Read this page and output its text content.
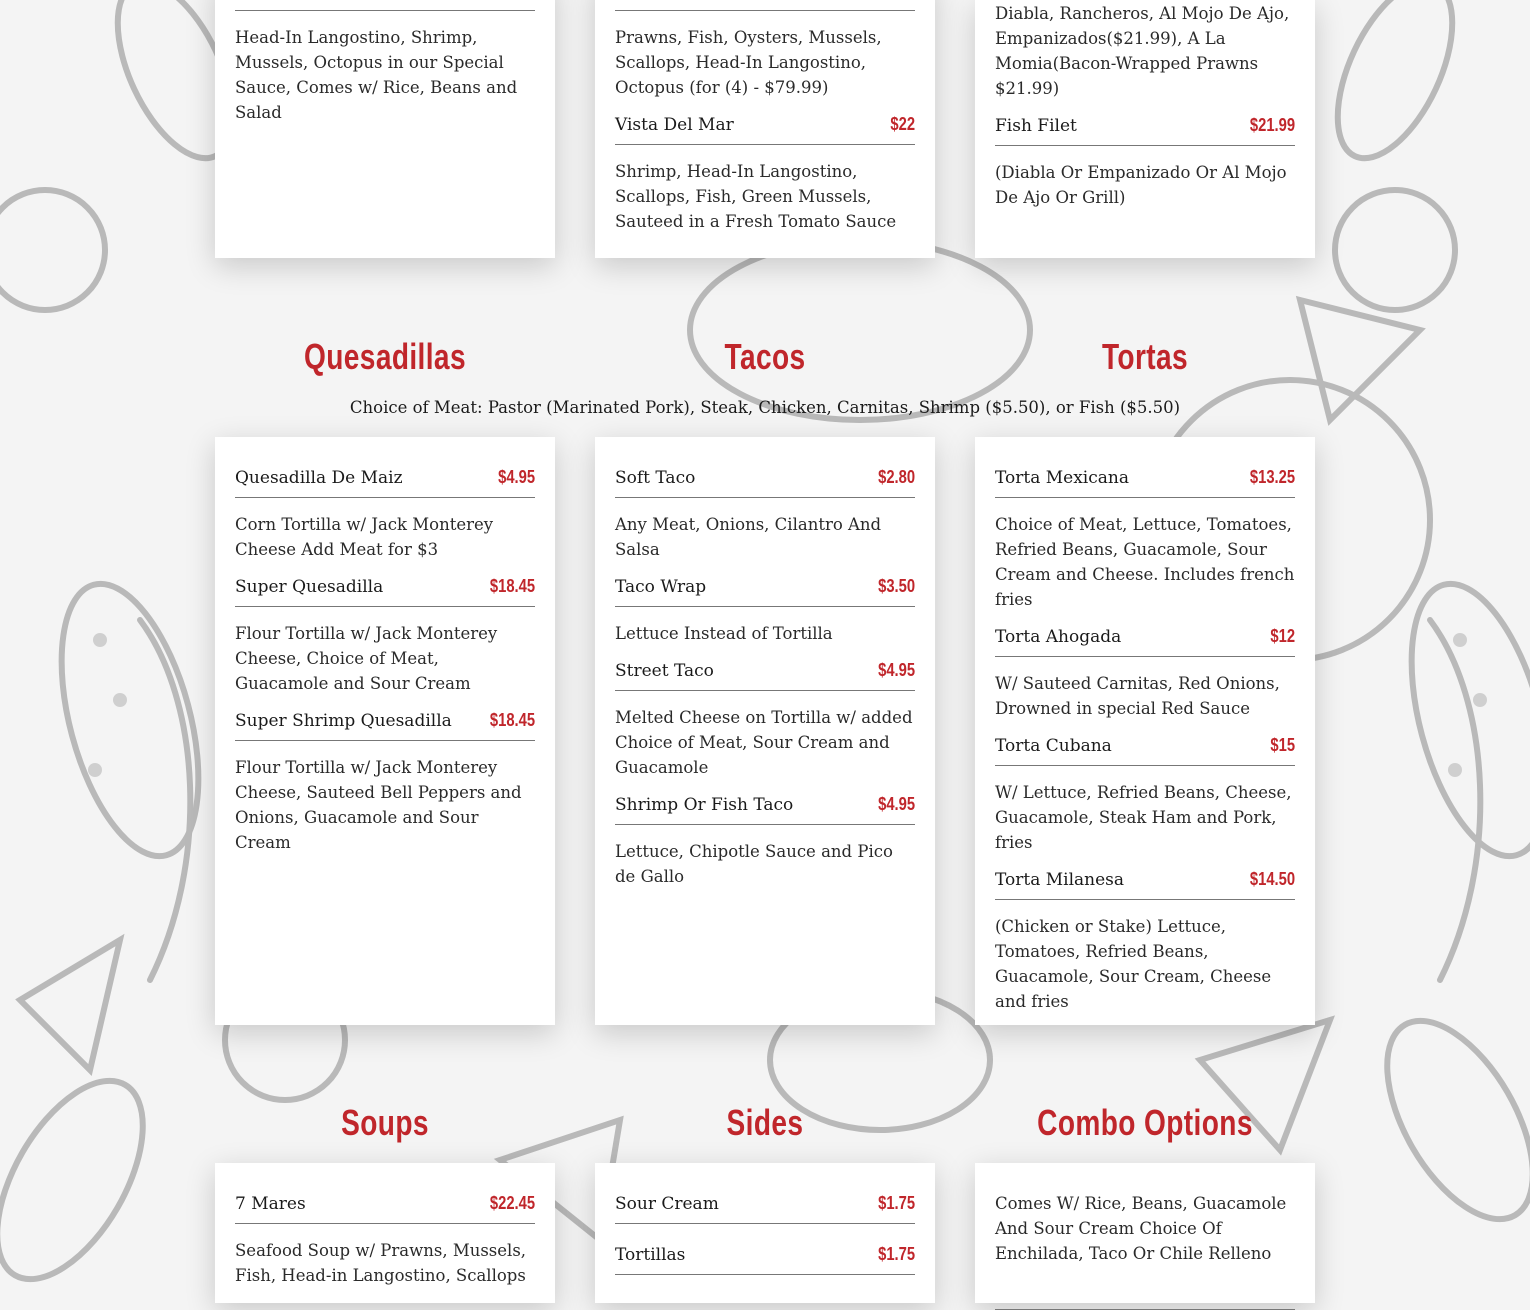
Head-In Langostino, Shrimp, Mussels, Octopus in our Special Sauce, Comes w/ Rice, Beans and Salad
Prawns, Fish, Oysters, Mussels, Scallops, Head-In Langostino, Octopus (for (4) - $79.99)
Vista Del Mar	$22
Shrimp, Head-In Langostino, Scallops, Fish, Green Mussels, Sauteed in a Fresh Tomato Sauce
Diabla, Rancheros, Al Mojo De Ajo, Empanizados($21.99), A La Momia(Bacon-Wrapped Prawns $21.99)
Fish Filet	$21.99
(Diabla Or Empanizado Or Al Mojo De Ajo Or Grill)
Quesadillas	Tacos	Tortas
Choice of Meat: Pastor (Marinated Pork), Steak, Chicken, Carnitas, Shrimp ($5.50), or Fish ($5.50)
Quesadilla De Maiz	$4.95
Corn Tortilla w/ Jack Monterey Cheese Add Meat for $3
Super Quesadilla	$18.45
Flour Tortilla w/ Jack Monterey Cheese, Choice of Meat, Guacamole and Sour Cream
Super Shrimp Quesadilla $18.45
Flour Tortilla w/ Jack Monterey Cheese, Sauteed Bell Peppers and Onions, Guacamole and Sour Cream
Soft Taco	$2.80
Any Meat, Onions, Cilantro And Salsa
Taco Wrap	$3.50
Lettuce Instead of Tortilla
Street Taco	$4.95
Melted Cheese on Tortilla w/ added Choice of Meat, Sour Cream and Guacamole
Shrimp Or Fish Taco	$4.95
Lettuce, Chipotle Sauce and Pico de Gallo
Torta Mexicana	$13.25
Choice of Meat, Lettuce, Tomatoes, Refried Beans, Guacamole, Sour Cream and Cheese. Includes french fries
Torta Ahogada	$12
W/ Sauteed Carnitas, Red Onions, Drowned in special Red Sauce
Torta Cubana	$15
W/ Lettuce, Refried Beans, Cheese, Guacamole, Steak Ham and Pork, fries
Torta Milanesa	$14.50
(Chicken or Stake) Lettuce, Tomatoes, Refried Beans, Guacamole, Sour Cream, Cheese and fries
Soups	Sides	Combo Options
7 Mares	$22.45
Seafood Soup w/ Prawns, Mussels, Fish, Head-in Langostino, Scallops
Sour Cream	$1.75
Tortillas	$1.75
Comes W/ Rice, Beans, Guacamole And Sour Cream Choice Of Enchilada, Taco Or Chile Relleno
